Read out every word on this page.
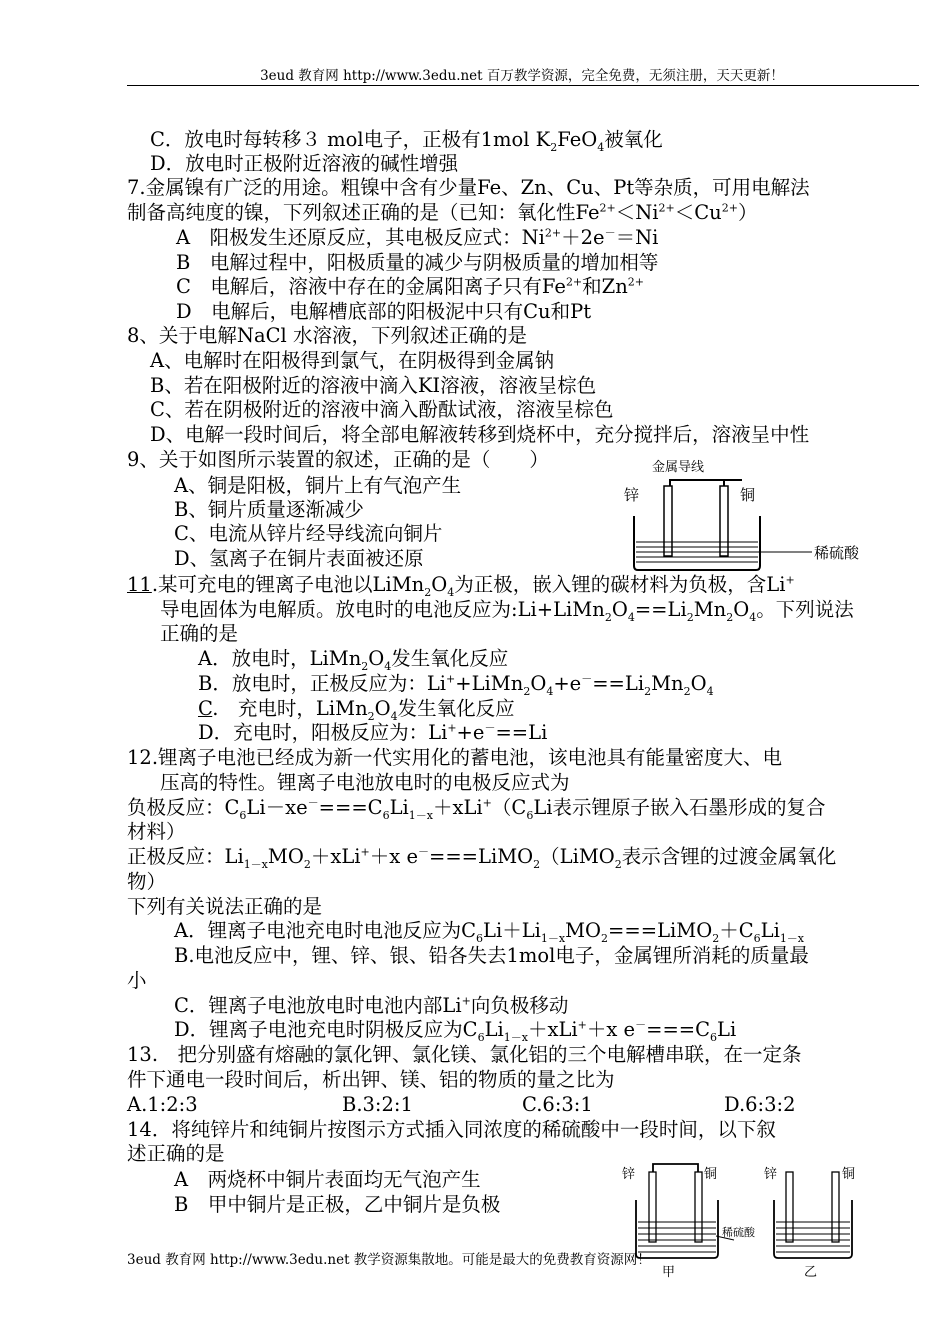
3eud 教育网 http://www.3edu.net 百万教学资源，完全免费，无须注册，天天更新！
C．放电时每转移３ mol电子，正极有1mol $K_2FeO_4$被氧化
D．放电时正极附近溶液的碱性增强
7.金属镍有广泛的用途。粗镍中含有少量Fe、Zn、Cu、Pt等杂质，可用电解法
制备高纯度的镍，下列叙述正确的是（已知：氧化性$Fe^{2+}<Ni^{2+}<Cu^{2+}$）
A　阳极发生还原反应，其电极反应式：$Ni^{2+}+2e^-=Ni$
B　电解过程中，阳极质量的减少与阴极质量的增加相等
C　电解后，溶液中存在的金属阳离子只有$Fe^{2+}$和$Zn^{2+}$
D　电解后，电解槽底部的阳极泥中只有Cu和Pt
8、关于电解NaCl 水溶液，下列叙述正确的是
A、电解时在阳极得到氯气，在阴极得到金属钠
B、若在阳极附近的溶液中滴入KI溶液，溶液呈棕色
C、若在阴极附近的溶液中滴入酚酞试液，溶液呈棕色
D、电解一段时间后，将全部电解液转移到烧杯中，充分搅拌后，溶液呈中性
9、关于如图所示装置的叙述，正确的是（　　）
A、铜是阳极，铜片上有气泡产生
B、铜片质量逐渐减少
C、电流从锌片经导线流向铜片
D、氢离子在铜片表面被还原
金属导线
锌	铜
稀硫酸
11.某可充电的锂离子电池以$LiMn_2O_4$为正极，嵌入锂的碳材料为负极，含Li+
导电固体为电解质。放电时的电池反应为$:Li+LiMn_2O_4==Li_2Mn_2O_4$。下列说法
正确的是
A．放电时，$LiMn_2O_4$发生氧化反应
B．放电时，正极反应为：$Li^++LiMn_2O_4+e^-==Li_2Mn_2O_4$
C.　充电时，$LiMn_2O_4$发生氧化反应
D．充电时，阳极反应为：Li++e－==Li
12.锂离子电池已经成为新一代实用化的蓄电池，该电池具有能量密度大、电
压高的特性。锂离子电池放电时的电极反应式为
负极反应：$C_6Li-xe^-===C_6Li_{1-x}+xLi^+(C_6Li$表示锂原子嵌入石墨形成的复合
材料）
正极反应：$Li_{1-x}MO_2+xLi^++x$ e－===LiMO$_2$（LiMO$_2$表示含锂的过渡金属氧化
物）
下列有关说法正确的是
A．锂离子电池充电时电池反应为$C_6Li+Li_{1-x}MO_2===LiMO_2+C_6Li_{1-x}$
B.电池反应中，锂、锌、银、铅各失去1mol电子，金属锂所消耗的质量最
小
C．锂离子电池放电时电池内部Li+向负极移动
D．锂离子电池充电时阴极反应为$C_6Li_{1-x}+xLi^++x$ $e^-===C_6Li$
13.　把分别盛有熔融的氯化钾、氯化镁、氯化铝的三个电解槽串联，在一定条
件下通电一段时间后，析出钾、镁、铝的物质的量之比为
A.1:2:3	B.3:2:1	C.6:3:1	D.6:3:2
14．将纯锌片和纯铜片按图示方式插入同浓度的稀硫酸中一段时间，以下叙
述正确的是
A　两烧杯中铜片表面均无气泡产生
B　甲中铜片是正极，乙中铜片是负极
锌	铜
稀硫酸
甲
锌	铜
乙
3eud 教育网 http://www.3edu.net 教学资源集散地。可能是最大的免费教育资源网！
